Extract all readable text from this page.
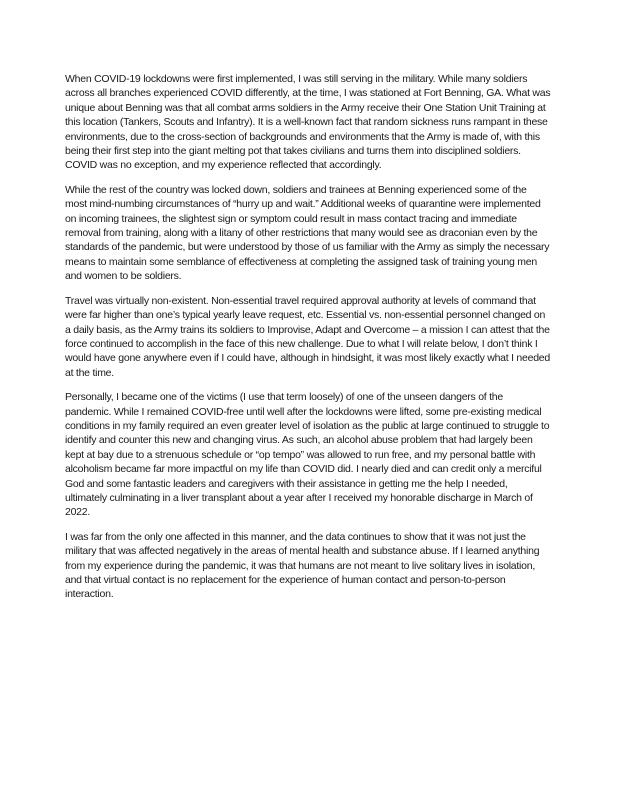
When COVID-19 lockdowns were first implemented, I was still serving in the military. While many soldiers across all branches experienced COVID differently, at the time, I was stationed at Fort Benning, GA. What was unique about Benning was that all combat arms soldiers in the Army receive their One Station Unit Training at this location (Tankers, Scouts and Infantry). It is a well-known fact that random sickness runs rampant in these environments, due to the cross-section of backgrounds and environments that the Army is made of, with this being their first step into the giant melting pot that takes civilians and turns them into disciplined soldiers. COVID was no exception, and my experience reflected that accordingly.

While the rest of the country was locked down, soldiers and trainees at Benning experienced some of the most mind-numbing circumstances of “hurry up and wait.” Additional weeks of quarantine were implemented on incoming trainees, the slightest sign or symptom could result in mass contact tracing and immediate removal from training, along with a litany of other restrictions that many would see as draconian even by the standards of the pandemic, but were understood by those of us familiar with the Army as simply the necessary means to maintain some semblance of effectiveness at completing the assigned task of training young men and women to be soldiers.

Travel was virtually non-existent. Non-essential travel required approval authority at levels of command that were far higher than one’s typical yearly leave request, etc. Essential vs. non-essential personnel changed on a daily basis, as the Army trains its soldiers to Improvise, Adapt and Overcome – a mission I can attest that the force continued to accomplish in the face of this new challenge. Due to what I will relate below, I don’t think I would have gone anywhere even if I could have, although in hindsight, it was most likely exactly what I needed at the time.

Personally, I became one of the victims (I use that term loosely) of one of the unseen dangers of the pandemic. While I remained COVID-free until well after the lockdowns were lifted, some pre-existing medical conditions in my family required an even greater level of isolation as the public at large continued to struggle to identify and counter this new and changing virus. As such, an alcohol abuse problem that had largely been kept at bay due to a strenuous schedule or “op tempo” was allowed to run free, and my personal battle with alcoholism became far more impactful on my life than COVID did. I nearly died and can credit only a merciful God and some fantastic leaders and caregivers with their assistance in getting me the help I needed, ultimately culminating in a liver transplant about a year after I received my honorable discharge in March of 2022.

I was far from the only one affected in this manner, and the data continues to show that it was not just the military that was affected negatively in the areas of mental health and substance abuse. If I learned anything from my experience during the pandemic, it was that humans are not meant to live solitary lives in isolation, and that virtual contact is no replacement for the experience of human contact and person-to-person interaction.
